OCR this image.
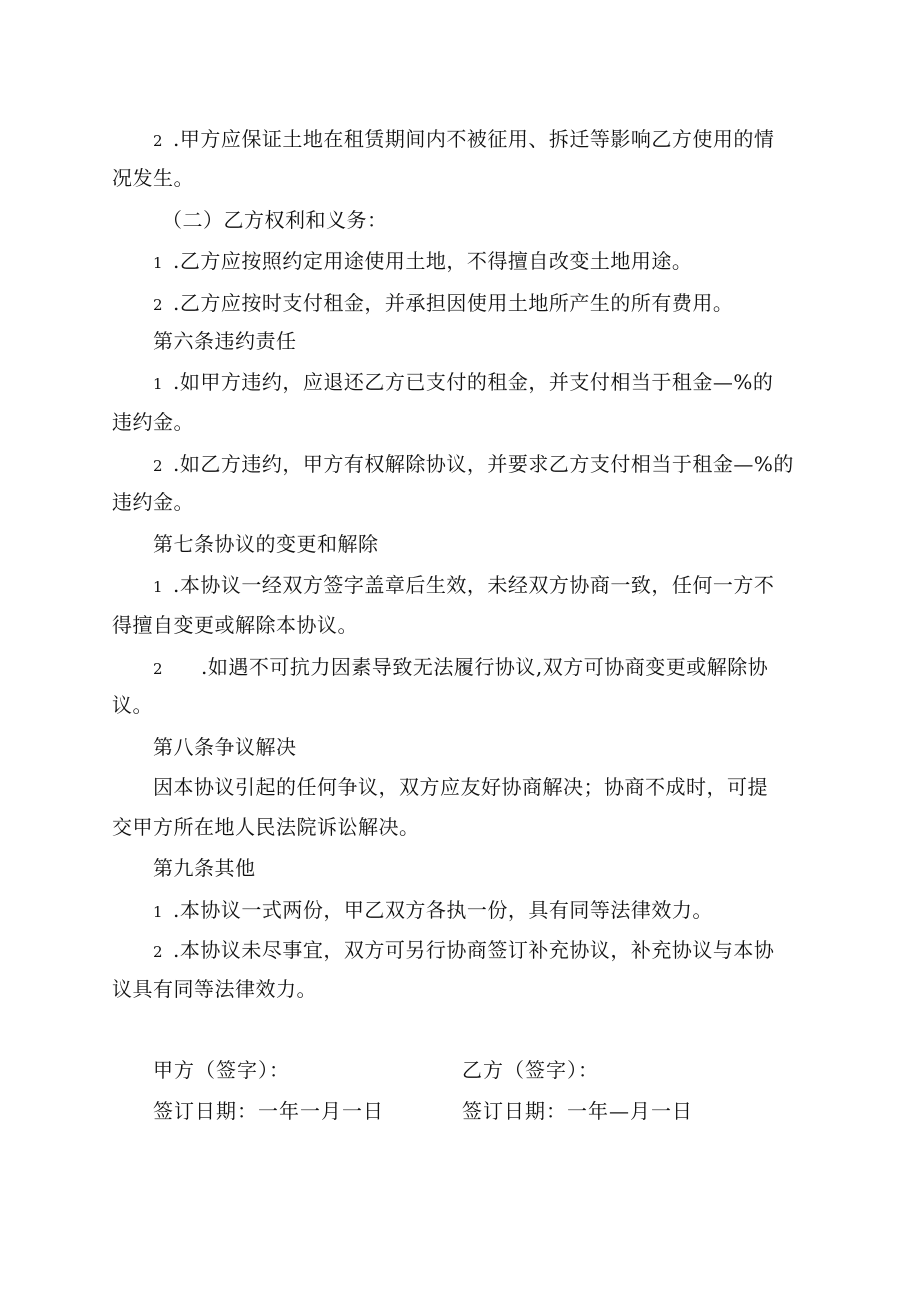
2 .甲方应保证土地在租赁期间内不被征用、拆迁等影响乙方使用的情
况发生。
（二）乙方权利和义务：
1 .乙方应按照约定用途使用土地，不得擅自改变土地用途。
2 .乙方应按时支付租金，并承担因使用土地所产生的所有费用。
第六条违约责任
1 .如甲方违约，应退还乙方已支付的租金，并支付相当于租金—%的
违约金。
2 .如乙方违约，甲方有权解除协议，并要求乙方支付相当于租金—%的
违约金。
第七条协议的变更和解除
1 .本协议一经双方签字盖章后生效，未经双方协商一致，任何一方不
得擅自变更或解除本协议。
2 .如遇不可抗力因素导致无法履行协议,双方可协商变更或解除协
议。
第八条争议解决
因本协议引起的任何争议，双方应友好协商解决；协商不成时，可提
交甲方所在地人民法院诉讼解决。
第九条其他
1 .本协议一式两份，甲乙双方各执一份，具有同等法律效力。
2 .本协议未尽事宜，双方可另行协商签订补充协议，补充协议与本协
议具有同等法律效力。
甲方（签字）：	乙方（签字）：
签订日期：一年一月一日	签订日期：一年—月一日
